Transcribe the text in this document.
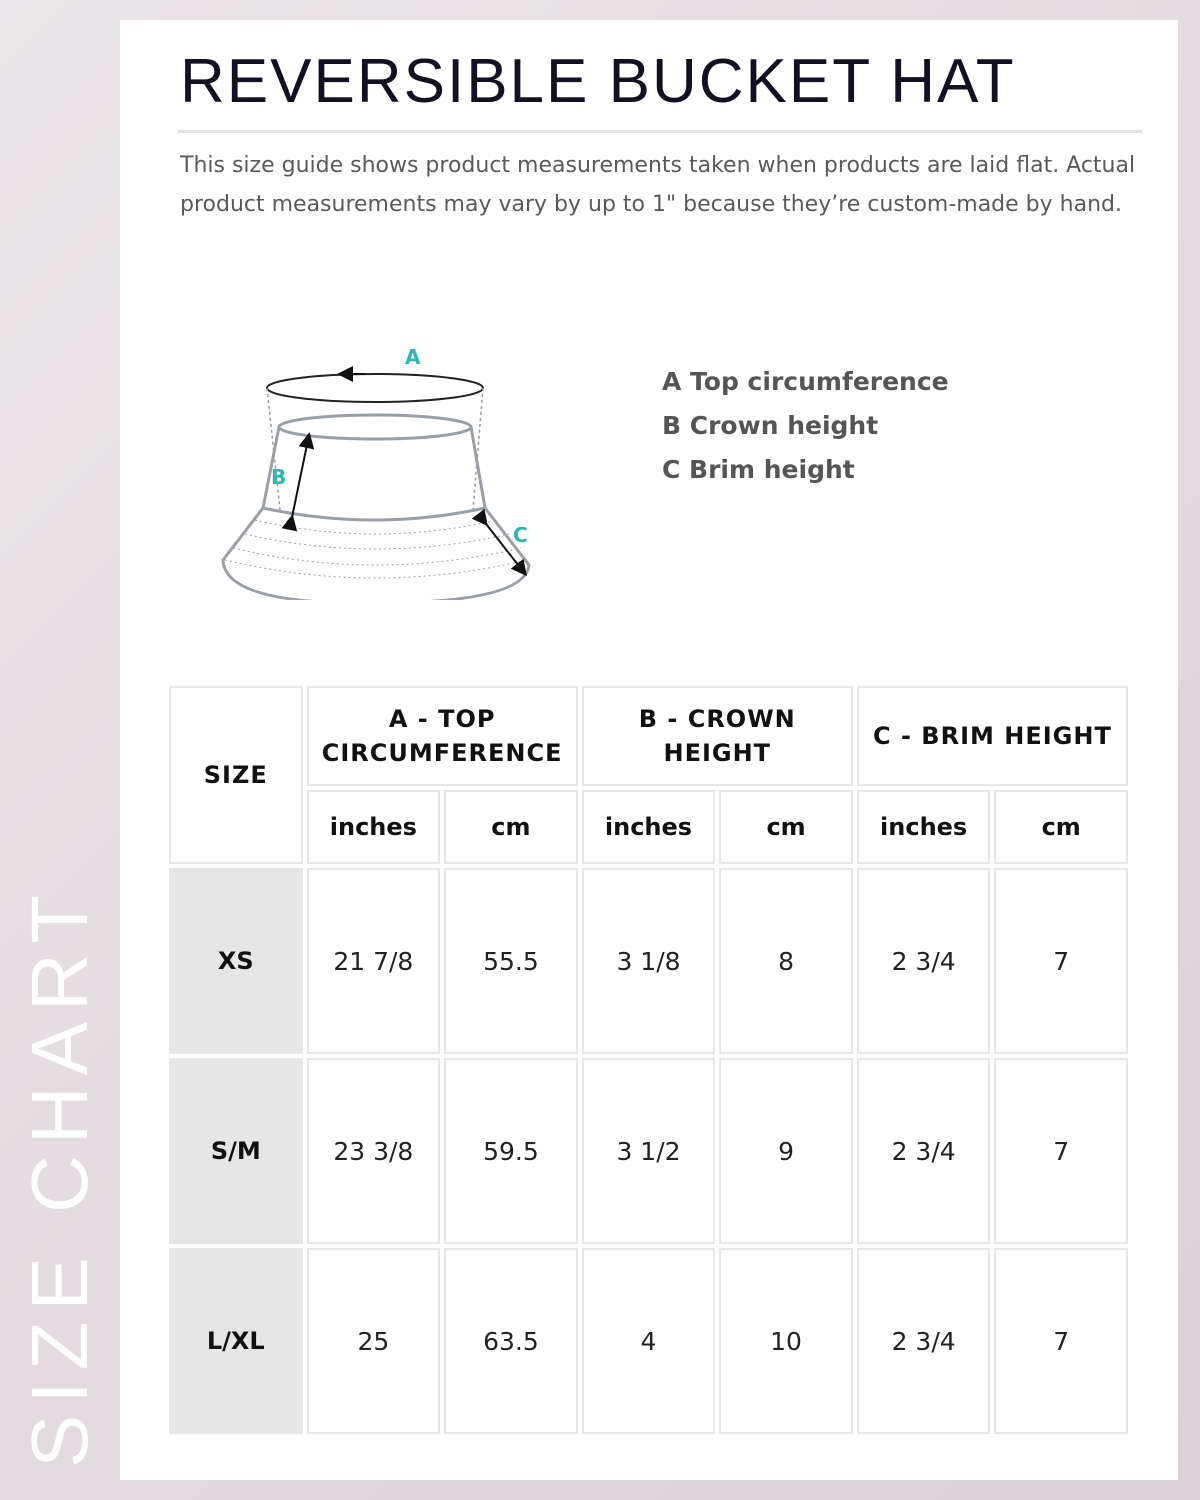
SIZE CHART
REVERSIBLE BUCKET HAT

This size guide shows product measurements taken when products are laid flat. Actual product measurements may vary by up to 1" because they’re custom-made by hand.

A
B
C
A Top circumference
B Crown height
C Brim height
SIZE	A - TOP CIRCUMFERENCE		B - CROWN HEIGHT		C - BRIM HEIGHT	
	inches	cm	inches	cm	inches	cm
XS	21 7/8	55.5	3 1/8	8	2 3/4	7
S/M	23 3/8	59.5	3 1/2	9	2 3/4	7
L/XL	25	63.5	4	10	2 3/4	7
